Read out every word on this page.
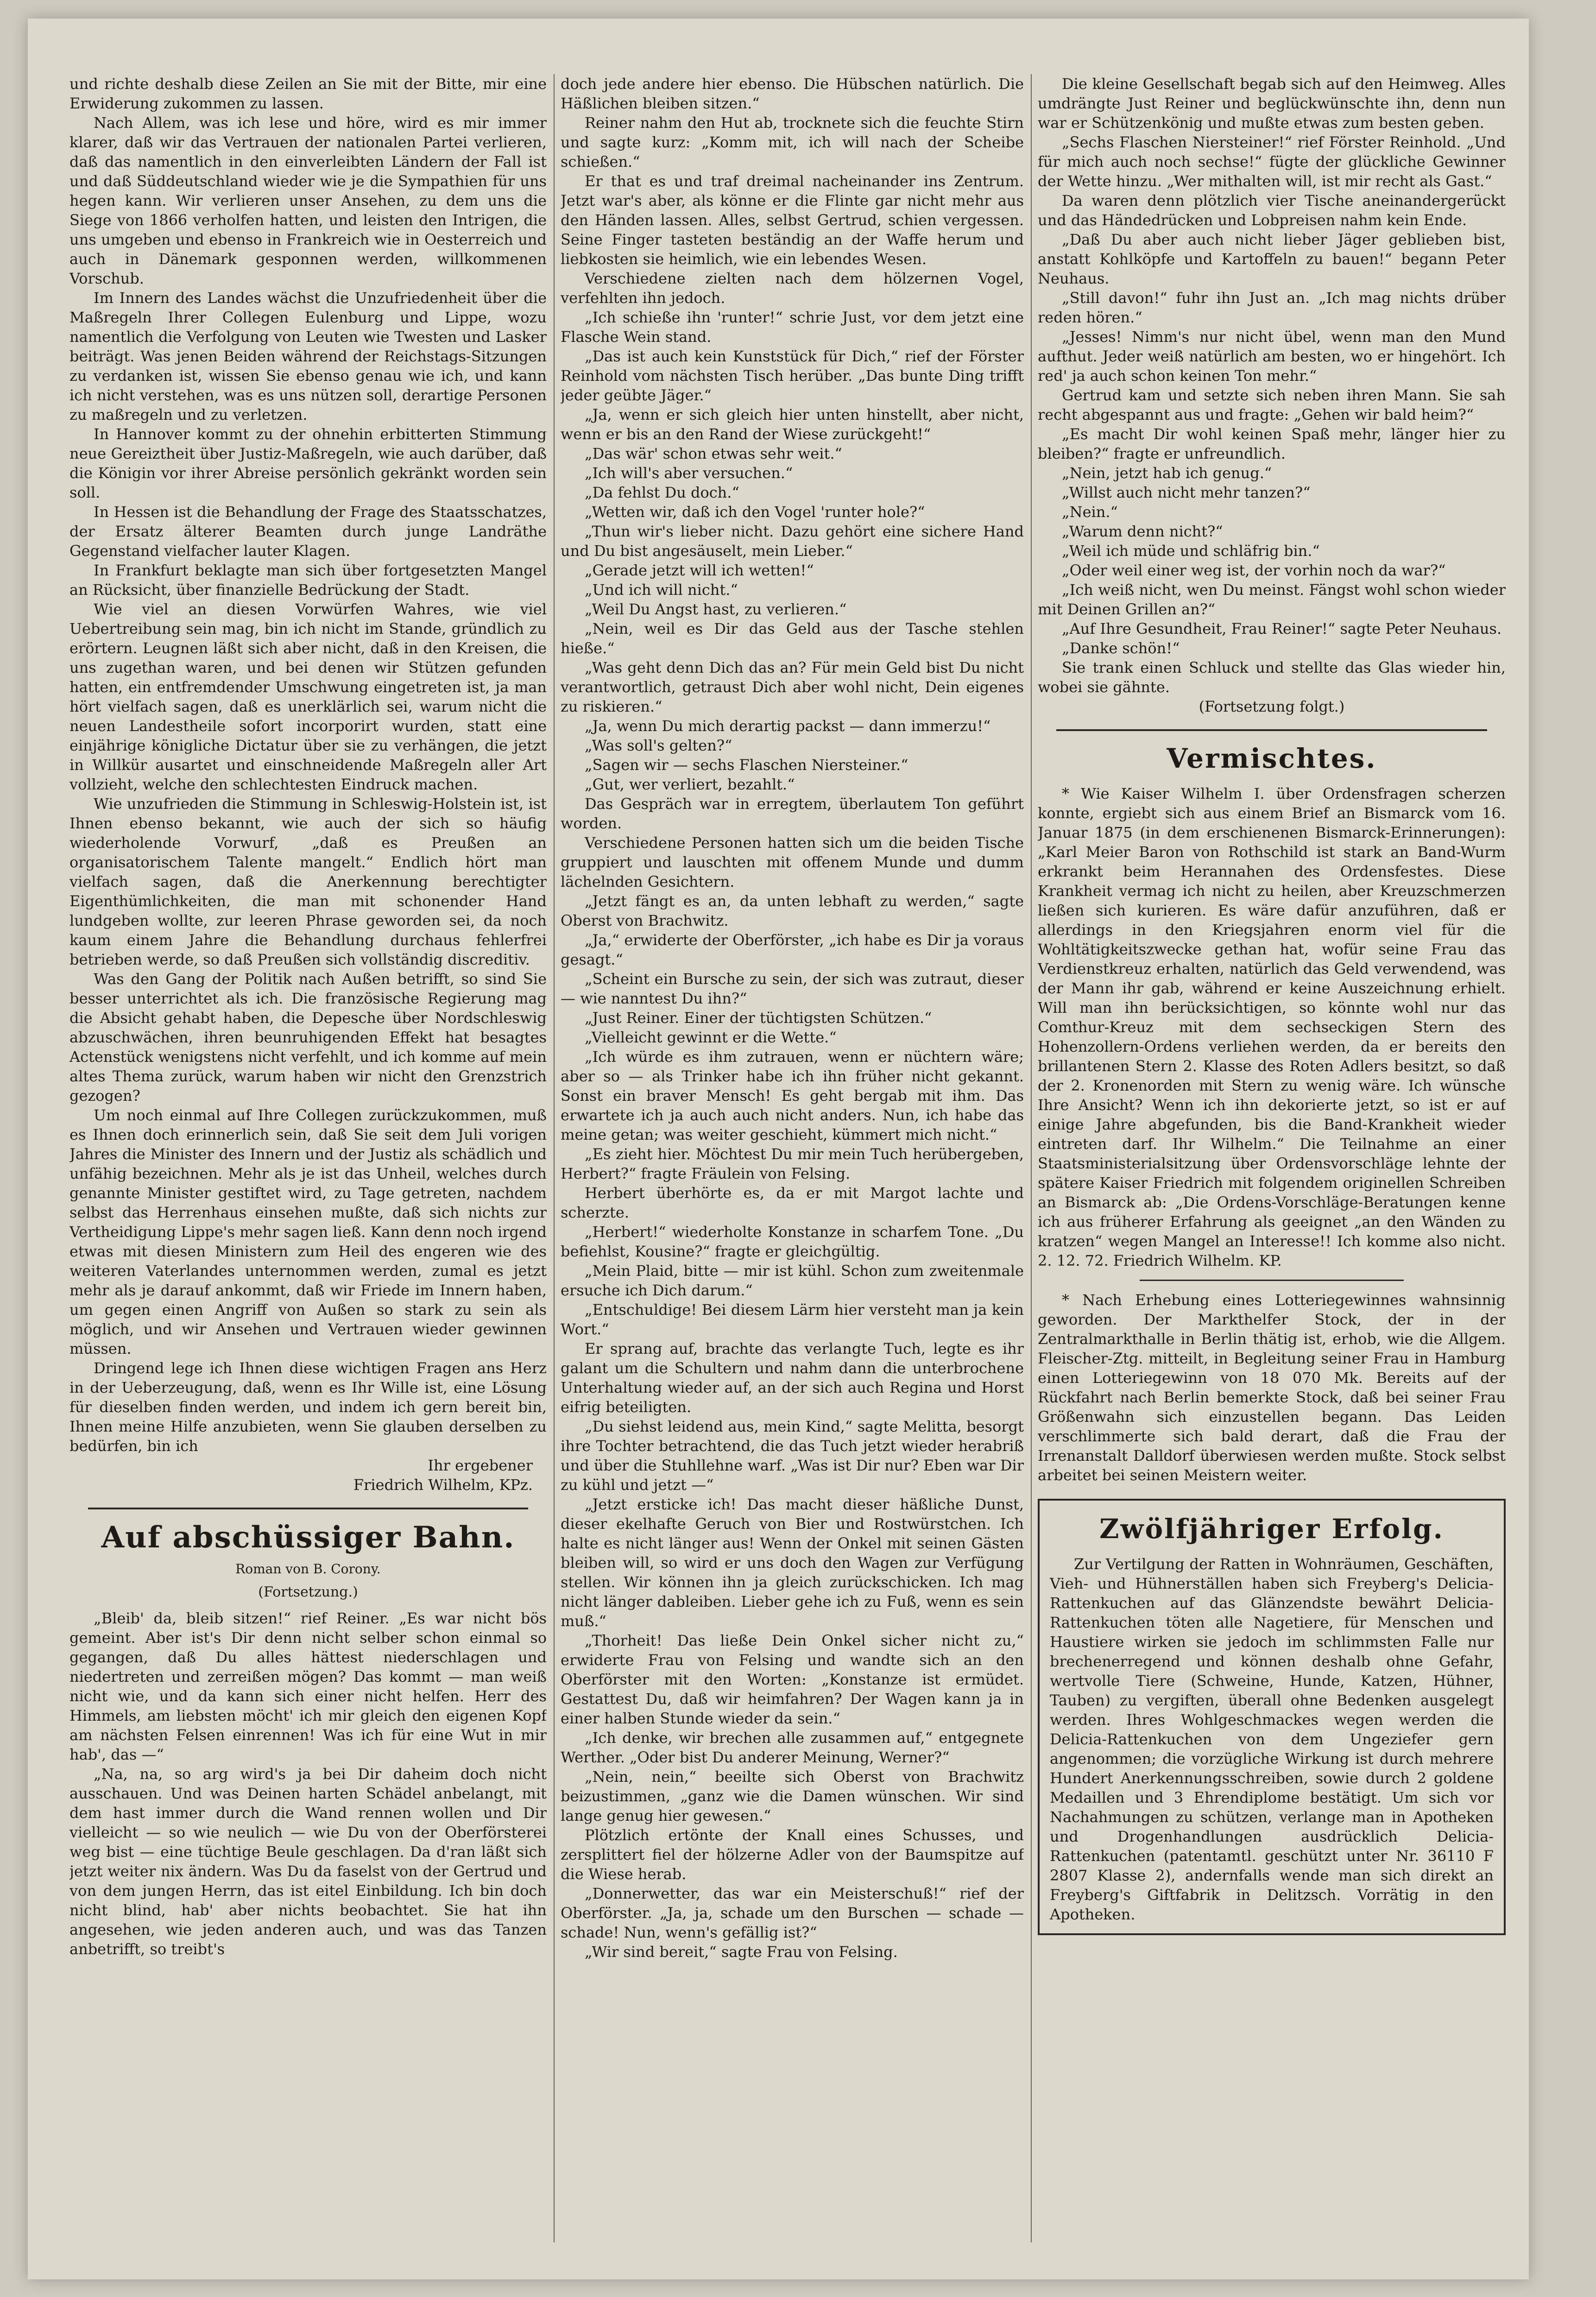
und richte deshalb diese Zeilen an Sie mit der Bitte, mir eine Erwiderung zukommen zu lassen.

Nach Allem, was ich lese und höre, wird es mir immer klarer, daß wir das Vertrauen der nationalen Partei verlieren, daß das namentlich in den einverleibten Ländern der Fall ist und daß Süddeutschland wieder wie je die Sympathien für uns hegen kann. Wir verlieren unser Ansehen, zu dem uns die Siege von 1866 verholfen hatten, und leisten den Intrigen, die uns umgeben und ebenso in Frankreich wie in Oesterreich und auch in Dänemark gesponnen werden, willkommenen Vorschub.

Im Innern des Landes wächst die Unzufriedenheit über die Maßregeln Ihrer Collegen Eulenburg und Lippe, wozu namentlich die Verfolgung von Leuten wie Twesten und Lasker beiträgt. Was jenen Beiden während der Reichstags-Sitzungen zu verdanken ist, wissen Sie ebenso genau wie ich, und kann ich nicht verstehen, was es uns nützen soll, derartige Personen zu maßregeln und zu verletzen.

In Hannover kommt zu der ohnehin erbitterten Stimmung neue Gereiztheit über Justiz-Maßregeln, wie auch darüber, daß die Königin vor ihrer Abreise persönlich gekränkt worden sein soll.

In Hessen ist die Behandlung der Frage des Staatsschatzes, der Ersatz älterer Beamten durch junge Landräthe Gegenstand vielfacher lauter Klagen.

In Frankfurt beklagte man sich über fortgesetzten Mangel an Rücksicht, über finanzielle Bedrückung der Stadt.

Wie viel an diesen Vorwürfen Wahres, wie viel Uebertreibung sein mag, bin ich nicht im Stande, gründlich zu erörtern. Leugnen läßt sich aber nicht, daß in den Kreisen, die uns zugethan waren, und bei denen wir Stützen gefunden hatten, ein entfremdender Umschwung eingetreten ist, ja man hört vielfach sagen, daß es unerklärlich sei, warum nicht die neuen Landestheile sofort incorporirt wurden, statt eine einjährige königliche Dictatur über sie zu verhängen, die jetzt in Willkür ausartet und einschneidende Maßregeln aller Art vollzieht, welche den schlechtesten Eindruck machen.

Wie unzufrieden die Stimmung in Schleswig-Holstein ist, ist Ihnen ebenso bekannt, wie auch der sich so häufig wiederholende Vorwurf, „daß es Preußen an organisatorischem Talente mangelt.“ Endlich hört man vielfach sagen, daß die Anerkennung berechtigter Eigenthümlichkeiten, die man mit schonender Hand lundgeben wollte, zur leeren Phrase geworden sei, da noch kaum einem Jahre die Behandlung durchaus fehlerfrei betrieben werde, so daß Preußen sich vollständig discreditiv.

Was den Gang der Politik nach Außen betrifft, so sind Sie besser unterrichtet als ich. Die französische Regierung mag die Absicht gehabt haben, die Depesche über Nordschleswig abzuschwächen, ihren beunruhigenden Effekt hat besagtes Actenstück wenigstens nicht verfehlt, und ich komme auf mein altes Thema zurück, warum haben wir nicht den Grenzstrich gezogen?

Um noch einmal auf Ihre Collegen zurückzukommen, muß es Ihnen doch erinnerlich sein, daß Sie seit dem Juli vorigen Jahres die Minister des Innern und der Justiz als schädlich und unfähig bezeichnen. Mehr als je ist das Unheil, welches durch genannte Minister gestiftet wird, zu Tage getreten, nachdem selbst das Herrenhaus einsehen mußte, daß sich nichts zur Vertheidigung Lippe's mehr sagen ließ. Kann denn noch irgend etwas mit diesen Ministern zum Heil des engeren wie des weiteren Vaterlandes unternommen werden, zumal es jetzt mehr als je darauf ankommt, daß wir Friede im Innern haben, um gegen einen Angriff von Außen so stark zu sein als möglich, und wir Ansehen und Vertrauen wieder gewinnen müssen.

Dringend lege ich Ihnen diese wichtigen Fragen ans Herz in der Ueberzeugung, daß, wenn es Ihr Wille ist, eine Lösung für dieselben finden werden, und indem ich gern bereit bin, Ihnen meine Hilfe anzubieten, wenn Sie glauben derselben zu bedürfen, bin ich

Ihr ergebener

Friedrich Wilhelm, KPz.

Auf abschüssiger Bahn.
Roman von B. Corony.
(Fortsetzung.)

„Bleib' da, bleib sitzen!“ rief Reiner. „Es war nicht bös gemeint. Aber ist's Dir denn nicht selber schon einmal so gegangen, daß Du alles hättest niederschlagen und niedertreten und zerreißen mögen? Das kommt — man weiß nicht wie, und da kann sich einer nicht helfen. Herr des Himmels, am liebsten möcht' ich mir gleich den eigenen Kopf am nächsten Felsen einrennen! Was ich für eine Wut in mir hab', das —“

„Na, na, so arg wird's ja bei Dir daheim doch nicht ausschauen. Und was Deinen harten Schädel anbelangt, mit dem hast immer durch die Wand rennen wollen und Dir vielleicht — so wie neulich — wie Du von der Oberförsterei weg bist — eine tüchtige Beule geschlagen. Da d'ran läßt sich jetzt weiter nix ändern. Was Du da faselst von der Gertrud und von dem jungen Herrn, das ist eitel Einbildung. Ich bin doch nicht blind, hab' aber nichts beobachtet. Sie hat ihn angesehen, wie jeden anderen auch, und was das Tanzen anbetrifft, so treibt's

doch jede andere hier ebenso. Die Hübschen natürlich. Die Häßlichen bleiben sitzen.“

Reiner nahm den Hut ab, trocknete sich die feuchte Stirn und sagte kurz: „Komm mit, ich will nach der Scheibe schießen.“

Er that es und traf dreimal nacheinander ins Zentrum. Jetzt war's aber, als könne er die Flinte gar nicht mehr aus den Händen lassen. Alles, selbst Gertrud, schien vergessen. Seine Finger tasteten beständig an der Waffe herum und liebkosten sie heimlich, wie ein lebendes Wesen.

Verschiedene zielten nach dem hölzernen Vogel, verfehlten ihn jedoch.

„Ich schieße ihn 'runter!“ schrie Just, vor dem jetzt eine Flasche Wein stand.

„Das ist auch kein Kunststück für Dich,“ rief der Förster Reinhold vom nächsten Tisch herüber. „Das bunte Ding trifft jeder geübte Jäger.“

„Ja, wenn er sich gleich hier unten hinstellt, aber nicht, wenn er bis an den Rand der Wiese zurückgeht!“

„Das wär' schon etwas sehr weit.“

„Ich will's aber versuchen.“

„Da fehlst Du doch.“

„Wetten wir, daß ich den Vogel 'runter hole?“

„Thun wir's lieber nicht. Dazu gehört eine sichere Hand und Du bist angesäuselt, mein Lieber.“

„Gerade jetzt will ich wetten!“

„Und ich will nicht.“

„Weil Du Angst hast, zu verlieren.“

„Nein, weil es Dir das Geld aus der Tasche stehlen hieße.“

„Was geht denn Dich das an? Für mein Geld bist Du nicht verantwortlich, getraust Dich aber wohl nicht, Dein eigenes zu riskieren.“

„Ja, wenn Du mich derartig packst — dann immerzu!“

„Was soll's gelten?“

„Sagen wir — sechs Flaschen Niersteiner.“

„Gut, wer verliert, bezahlt.“

Das Gespräch war in erregtem, überlautem Ton geführt worden.

Verschiedene Personen hatten sich um die beiden Tische gruppiert und lauschten mit offenem Munde und dumm lächelnden Gesichtern.

„Jetzt fängt es an, da unten lebhaft zu werden,“ sagte Oberst von Brachwitz.

„Ja,“ erwiderte der Oberförster, „ich habe es Dir ja voraus gesagt.“

„Scheint ein Bursche zu sein, der sich was zutraut, dieser — wie nanntest Du ihn?“

„Just Reiner. Einer der tüchtigsten Schützen.“

„Vielleicht gewinnt er die Wette.“

„Ich würde es ihm zutrauen, wenn er nüchtern wäre; aber so — als Trinker habe ich ihn früher nicht gekannt. Sonst ein braver Mensch! Es geht bergab mit ihm. Das erwartete ich ja auch auch nicht anders. Nun, ich habe das meine getan; was weiter geschieht, kümmert mich nicht.“

„Es zieht hier. Möchtest Du mir mein Tuch herübergeben, Herbert?“ fragte Fräulein von Felsing.

Herbert überhörte es, da er mit Margot lachte und scherzte.

„Herbert!“ wiederholte Konstanze in scharfem Tone. „Du befiehlst, Kousine?“ fragte er gleichgültig.

„Mein Plaid, bitte — mir ist kühl. Schon zum zweitenmale ersuche ich Dich darum.“

„Entschuldige! Bei diesem Lärm hier versteht man ja kein Wort.“

Er sprang auf, brachte das verlangte Tuch, legte es ihr galant um die Schultern und nahm dann die unterbrochene Unterhaltung wieder auf, an der sich auch Regina und Horst eifrig beteiligten.

„Du siehst leidend aus, mein Kind,“ sagte Melitta, besorgt ihre Tochter betrachtend, die das Tuch jetzt wieder herabriß und über die Stuhllehne warf. „Was ist Dir nur? Eben war Dir zu kühl und jetzt —“

„Jetzt ersticke ich! Das macht dieser häßliche Dunst, dieser ekelhafte Geruch von Bier und Rostwürstchen. Ich halte es nicht länger aus! Wenn der Onkel mit seinen Gästen bleiben will, so wird er uns doch den Wagen zur Verfügung stellen. Wir können ihn ja gleich zurückschicken. Ich mag nicht länger dableiben. Lieber gehe ich zu Fuß, wenn es sein muß.“

„Thorheit! Das ließe Dein Onkel sicher nicht zu,“ erwiderte Frau von Felsing und wandte sich an den Oberförster mit den Worten: „Konstanze ist ermüdet. Gestattest Du, daß wir heimfahren? Der Wagen kann ja in einer halben Stunde wieder da sein.“

„Ich denke, wir brechen alle zusammen auf,“ entgegnete Werther. „Oder bist Du anderer Meinung, Werner?“

„Nein, nein,“ beeilte sich Oberst von Brachwitz beizustimmen, „ganz wie die Damen wünschen. Wir sind lange genug hier gewesen.“

Plötzlich ertönte der Knall eines Schusses, und zersplittert fiel der hölzerne Adler von der Baumspitze auf die Wiese herab.

„Donnerwetter, das war ein Meisterschuß!“ rief der Oberförster. „Ja, ja, schade um den Burschen — schade — schade! Nun, wenn's gefällig ist?“

„Wir sind bereit,“ sagte Frau von Felsing.

Die kleine Gesellschaft begab sich auf den Heimweg. Alles umdrängte Just Reiner und beglückwünschte ihn, denn nun war er Schützenkönig und mußte etwas zum besten geben.

„Sechs Flaschen Niersteiner!“ rief Förster Reinhold. „Und für mich auch noch sechse!“ fügte der glückliche Gewinner der Wette hinzu. „Wer mithalten will, ist mir recht als Gast.“

Da waren denn plötzlich vier Tische aneinandergerückt und das Händedrücken und Lobpreisen nahm kein Ende.

„Daß Du aber auch nicht lieber Jäger geblieben bist, anstatt Kohlköpfe und Kartoffeln zu bauen!“ begann Peter Neuhaus.

„Still davon!“ fuhr ihn Just an. „Ich mag nichts drüber reden hören.“

„Jesses! Nimm's nur nicht übel, wenn man den Mund aufthut. Jeder weiß natürlich am besten, wo er hingehört. Ich red' ja auch schon keinen Ton mehr.“

Gertrud kam und setzte sich neben ihren Mann. Sie sah recht abgespannt aus und fragte: „Gehen wir bald heim?“

„Es macht Dir wohl keinen Spaß mehr, länger hier zu bleiben?“ fragte er unfreundlich.

„Nein, jetzt hab ich genug.“

„Willst auch nicht mehr tanzen?“

„Nein.“

„Warum denn nicht?“

„Weil ich müde und schläfrig bin.“

„Oder weil einer weg ist, der vorhin noch da war?“

„Ich weiß nicht, wen Du meinst. Fängst wohl schon wieder mit Deinen Grillen an?“

„Auf Ihre Gesundheit, Frau Reiner!“ sagte Peter Neuhaus.

„Danke schön!“

Sie trank einen Schluck und stellte das Glas wieder hin, wobei sie gähnte.

(Fortsetzung folgt.)

Vermischtes.

* Wie Kaiser Wilhelm I. über Ordensfragen scherzen konnte, ergiebt sich aus einem Brief an Bismarck vom 16. Januar 1875 (in dem erschienenen Bismarck-Erinnerungen): „Karl Meier Baron von Rothschild ist stark an Band-Wurm erkrankt beim Herannahen des Ordensfestes. Diese Krankheit vermag ich nicht zu heilen, aber Kreuzschmerzen ließen sich kurieren. Es wäre dafür anzuführen, daß er allerdings in den Kriegsjahren enorm viel für die Wohltätigkeitszwecke gethan hat, wofür seine Frau das Verdienstkreuz erhalten, natürlich das Geld verwendend, was der Mann ihr gab, während er keine Auszeichnung erhielt. Will man ihn berücksichtigen, so könnte wohl nur das Comthur-Kreuz mit dem sechseckigen Stern des Hohenzollern-Ordens verliehen werden, da er bereits den brillantenen Stern 2. Klasse des Roten Adlers besitzt, so daß der 2. Kronenorden mit Stern zu wenig wäre. Ich wünsche Ihre Ansicht? Wenn ich ihn dekorierte jetzt, so ist er auf einige Jahre abgefunden, bis die Band-Krankheit wieder eintreten darf. Ihr Wilhelm.“ Die Teilnahme an einer Staatsministerialsitzung über Ordensvorschläge lehnte der spätere Kaiser Friedrich mit folgendem originellen Schreiben an Bismarck ab: „Die Ordens-Vorschläge-Beratungen kenne ich aus früherer Erfahrung als geeignet „an den Wänden zu kratzen“ wegen Mangel an Interesse!! Ich komme also nicht. 2. 12. 72. Friedrich Wilhelm. KP.

* Nach Erhebung eines Lotteriegewinnes wahnsinnig geworden. Der Markthelfer Stock, der in der Zentralmarkthalle in Berlin thätig ist, erhob, wie die Allgem. Fleischer-Ztg. mitteilt, in Begleitung seiner Frau in Hamburg einen Lotteriegewinn von 18 070 Mk. Bereits auf der Rückfahrt nach Berlin bemerkte Stock, daß bei seiner Frau Größenwahn sich einzustellen begann. Das Leiden verschlimmerte sich bald derart, daß die Frau der Irrenanstalt Dalldorf überwiesen werden mußte. Stock selbst arbeitet bei seinen Meistern weiter.

Zwölfjähriger Erfolg.

Zur Vertilgung der Ratten in Wohnräumen, Geschäften, Vieh- und Hühnerställen haben sich Freyberg's Delicia-Rattenkuchen auf das Glänzendste bewährt Delicia-Rattenkuchen töten alle Nagetiere, für Menschen und Haustiere wirken sie jedoch im schlimmsten Falle nur brechenerregend und können deshalb ohne Gefahr, wertvolle Tiere (Schweine, Hunde, Katzen, Hühner, Tauben) zu vergiften, überall ohne Bedenken ausgelegt werden. Ihres Wohlgeschmackes wegen werden die Delicia-Rattenkuchen von dem Ungeziefer gern angenommen; die vorzügliche Wirkung ist durch mehrere Hundert Anerkennungsschreiben, sowie durch 2 goldene Medaillen und 3 Ehrendiplome bestätigt. Um sich vor Nachahmungen zu schützen, verlange man in Apotheken und Drogenhandlungen ausdrücklich Delicia-Rattenkuchen (patentamtl. geschützt unter Nr. 36110 F 2807 Klasse 2), andernfalls wende man sich direkt an Freyberg's Giftfabrik in Delitzsch. Vorrätig in den Apotheken.
